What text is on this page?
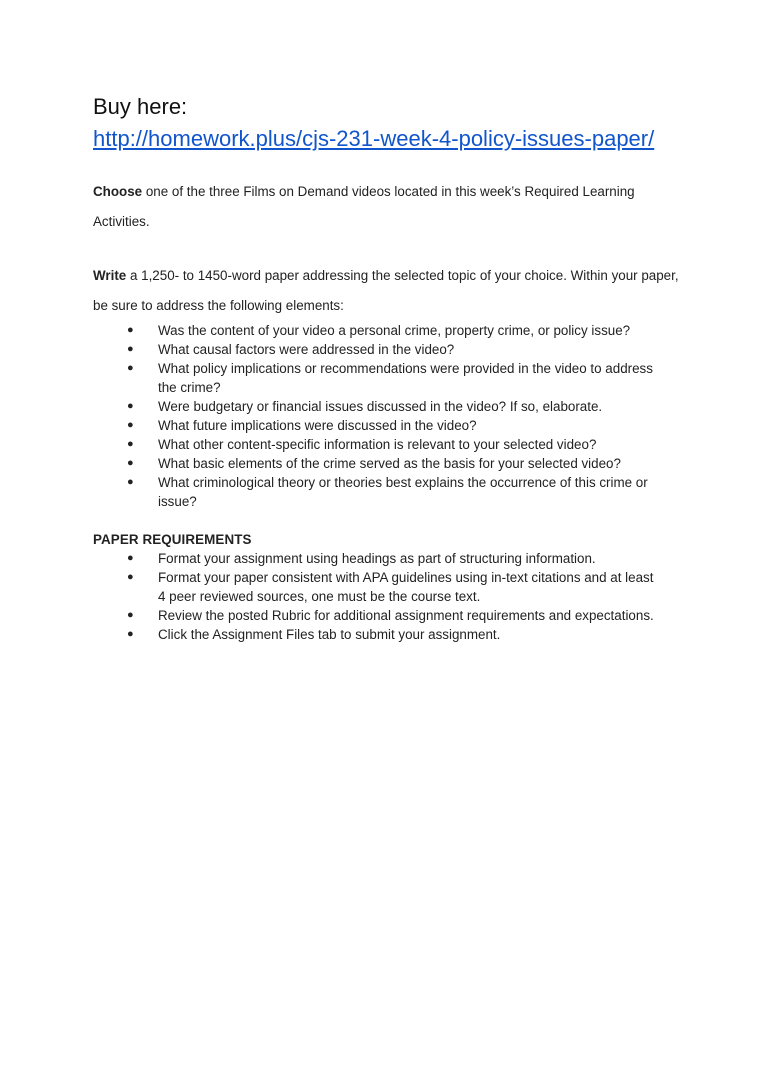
Buy here:

http://homework.plus/cjs-231-week-4-policy-issues-paper/

Choose one of the three Films on Demand videos located in this week’s Required Learning Activities.

Write a 1,250- to 1450-word paper addressing the selected topic of your choice. Within your paper, be sure to address the following elements:

● Was the content of your video a personal crime, property crime, or policy issue?
● What causal factors were addressed in the video?
● What policy implications or recommendations were provided in the video to address the crime?
● Were budgetary or financial issues discussed in the video? If so, elaborate.
● What future implications were discussed in the video?
● What other content-specific information is relevant to your selected video?
● What basic elements of the crime served as the basis for your selected video?
● What criminological theory or theories best explains the occurrence of this crime or issue?

PAPER REQUIREMENTS

● Format your assignment using headings as part of structuring information.
● Format your paper consistent with APA guidelines using in-text citations and at least 4 peer reviewed sources, one must be the course text.
● Review the posted Rubric for additional assignment requirements and expectations.
● Click the Assignment Files tab to submit your assignment.
